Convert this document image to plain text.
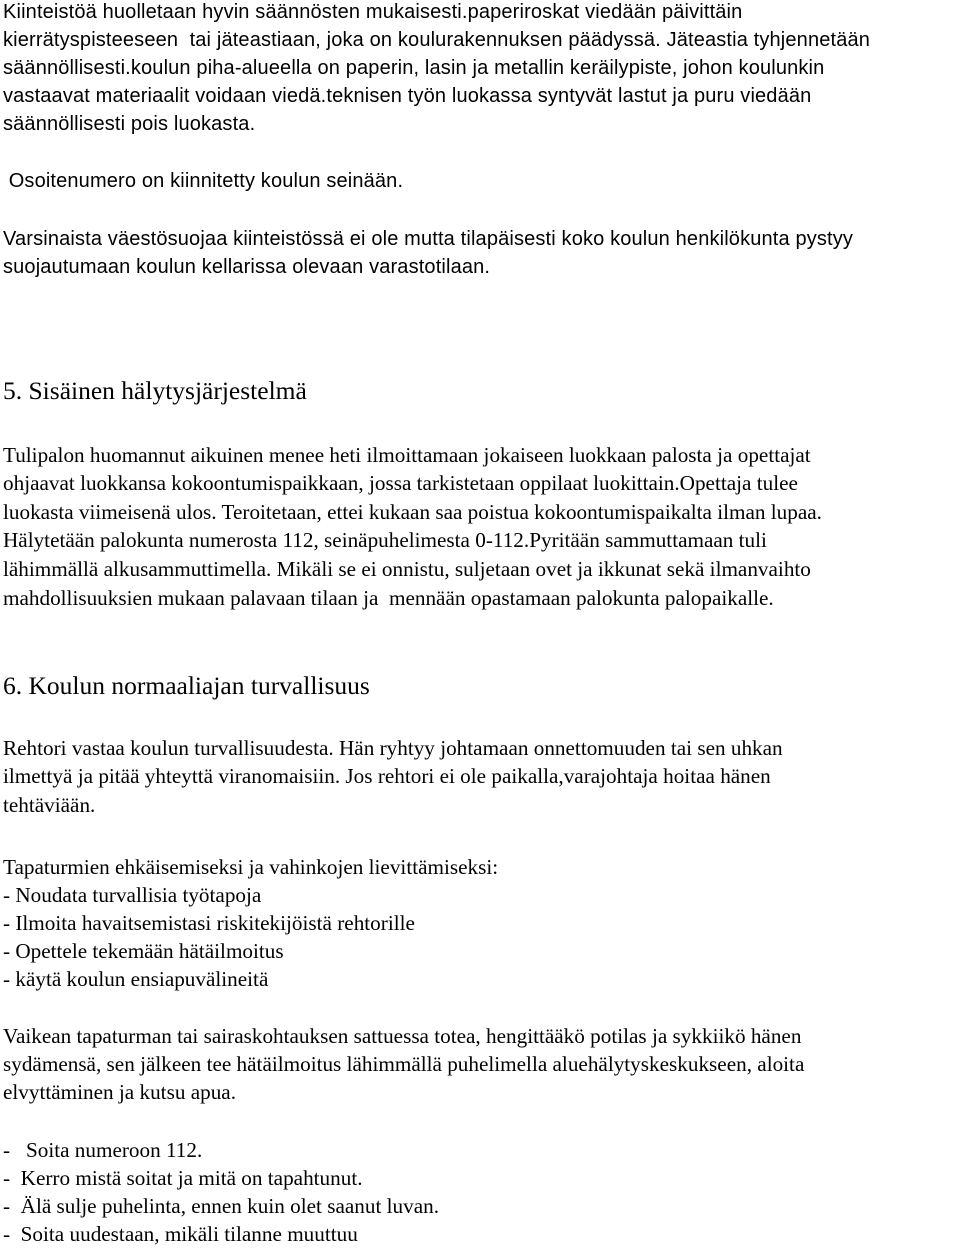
Kiinteistöä huolletaan hyvin säännösten mukaisesti.paperiroskat viedään päivittäin
kierrätyspisteeseen  tai jäteastiaan, joka on koulurakennuksen päädyssä. Jäteastia tyhjennetään
säännöllisesti.koulun piha-alueella on paperin, lasin ja metallin keräilypiste, johon koulunkin
vastaavat materiaalit voidaan viedä.teknisen työn luokassa syntyvät lastut ja puru viedään
säännöllisesti pois luokasta.
Osoitenumero on kiinnitetty koulun seinään.
Varsinaista väestösuojaa kiinteistössä ei ole mutta tilapäisesti koko koulun henkilökunta pystyy
suojautumaan koulun kellarissa olevaan varastotilaan.
5. Sisäinen hälytysjärjestelmä
Tulipalon huomannut aikuinen menee heti ilmoittamaan jokaiseen luokkaan palosta ja opettajat
ohjaavat luokkansa kokoontumispaikkaan, jossa tarkistetaan oppilaat luokittain.Opettaja tulee
luokasta viimeisenä ulos. Teroitetaan, ettei kukaan saa poistua kokoontumispaikalta ilman lupaa.
Hälytetään palokunta numerosta 112, seinäpuhelimesta 0-112.Pyritään sammuttamaan tuli
lähimmällä alkusammuttimella. Mikäli se ei onnistu, suljetaan ovet ja ikkunat sekä ilmanvaihto
mahdollisuuksien mukaan palavaan tilaan ja  mennään opastamaan palokunta palopaikalle.
6. Koulun normaaliajan turvallisuus
Rehtori vastaa koulun turvallisuudesta. Hän ryhtyy johtamaan onnettomuuden tai sen uhkan
ilmettyä ja pitää yhteyttä viranomaisiin. Jos rehtori ei ole paikalla,varajohtaja hoitaa hänen
tehtäviään.
Tapaturmien ehkäisemiseksi ja vahinkojen lievittämiseksi:
- Noudata turvallisia työtapoja
- Ilmoita havaitsemistasi riskitekijöistä rehtorille
- Opettele tekemään hätäilmoitus
- käytä koulun ensiapuvälineitä
Vaikean tapaturman tai sairaskohtauksen sattuessa totea, hengittääkö potilas ja sykkiikö hänen
sydämensä, sen jälkeen tee hätäilmoitus lähimmällä puhelimella aluehälytyskeskukseen, aloita
elvyttäminen ja kutsu apua.
-   Soita numeroon 112.
-  Kerro mistä soitat ja mitä on tapahtunut.
-  Älä sulje puhelinta, ennen kuin olet saanut luvan.
-  Soita uudestaan, mikäli tilanne muuttuu
